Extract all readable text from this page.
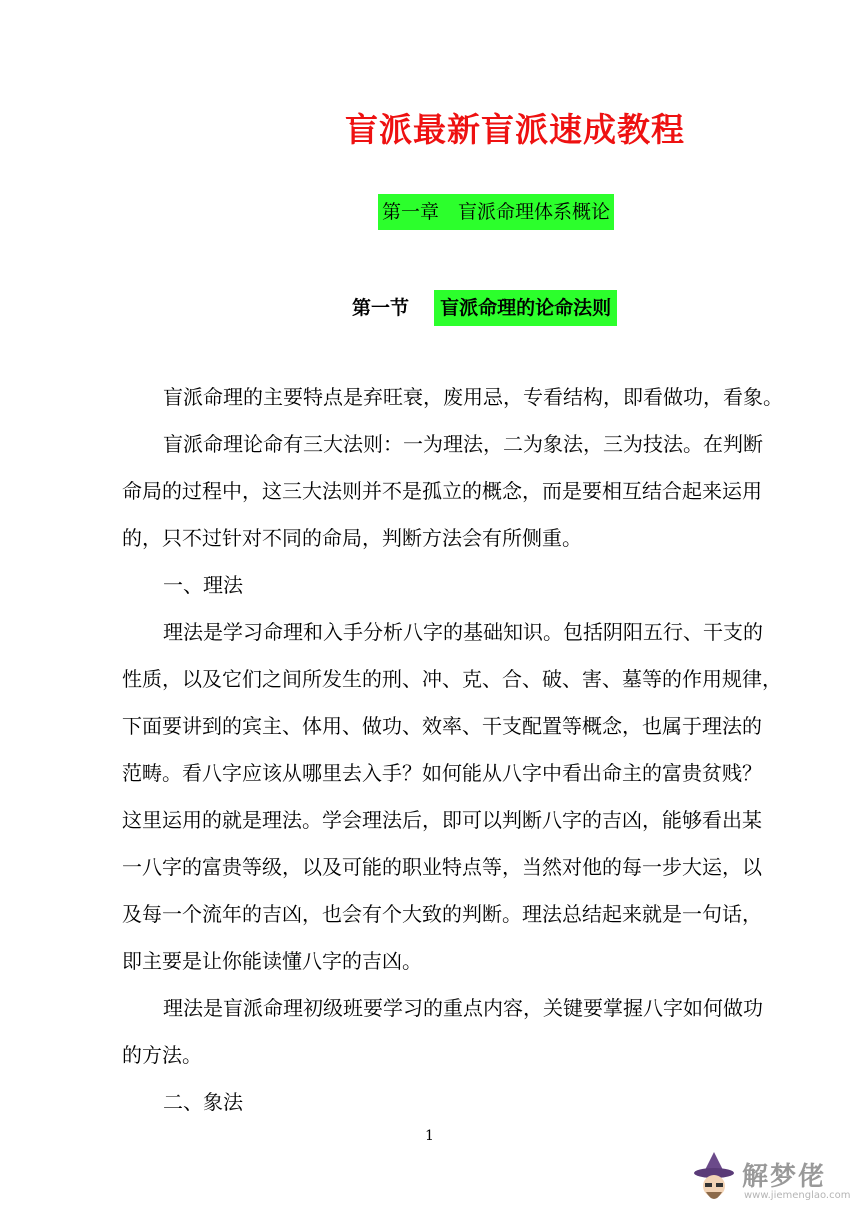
盲派最新盲派速成教程
第一章　盲派命理体系概论
第一节 盲派命理的论命法则

盲派命理的主要特点是弃旺衰，废用忌，专看结构，即看做功，看象。

盲派命理论命有三大法则：一为理法，二为象法，三为技法。在判断
命局的过程中，这三大法则并不是孤立的概念，而是要相互结合起来运用
的，只不过针对不同的命局，判断方法会有所侧重。

一、理法

理法是学习命理和入手分析八字的基础知识。包括阴阳五行、干支的
性质，以及它们之间所发生的刑、冲、克、合、破、害、墓等的作用规律，
下面要讲到的宾主、体用、做功、效率、干支配置等概念，也属于理法的
范畴。看八字应该从哪里去入手？如何能从八字中看出命主的富贵贫贱？
这里运用的就是理法。学会理法后，即可以判断八字的吉凶，能够看出某
一八字的富贵等级，以及可能的职业特点等，当然对他的每一步大运，以
及每一个流年的吉凶，也会有个大致的判断。理法总结起来就是一句话，
即主要是让你能读懂八字的吉凶。

理法是盲派命理初级班要学习的重点内容，关键要掌握八字如何做功
的方法。

二、象法

1
解梦佬
www.jiemenglao.com
